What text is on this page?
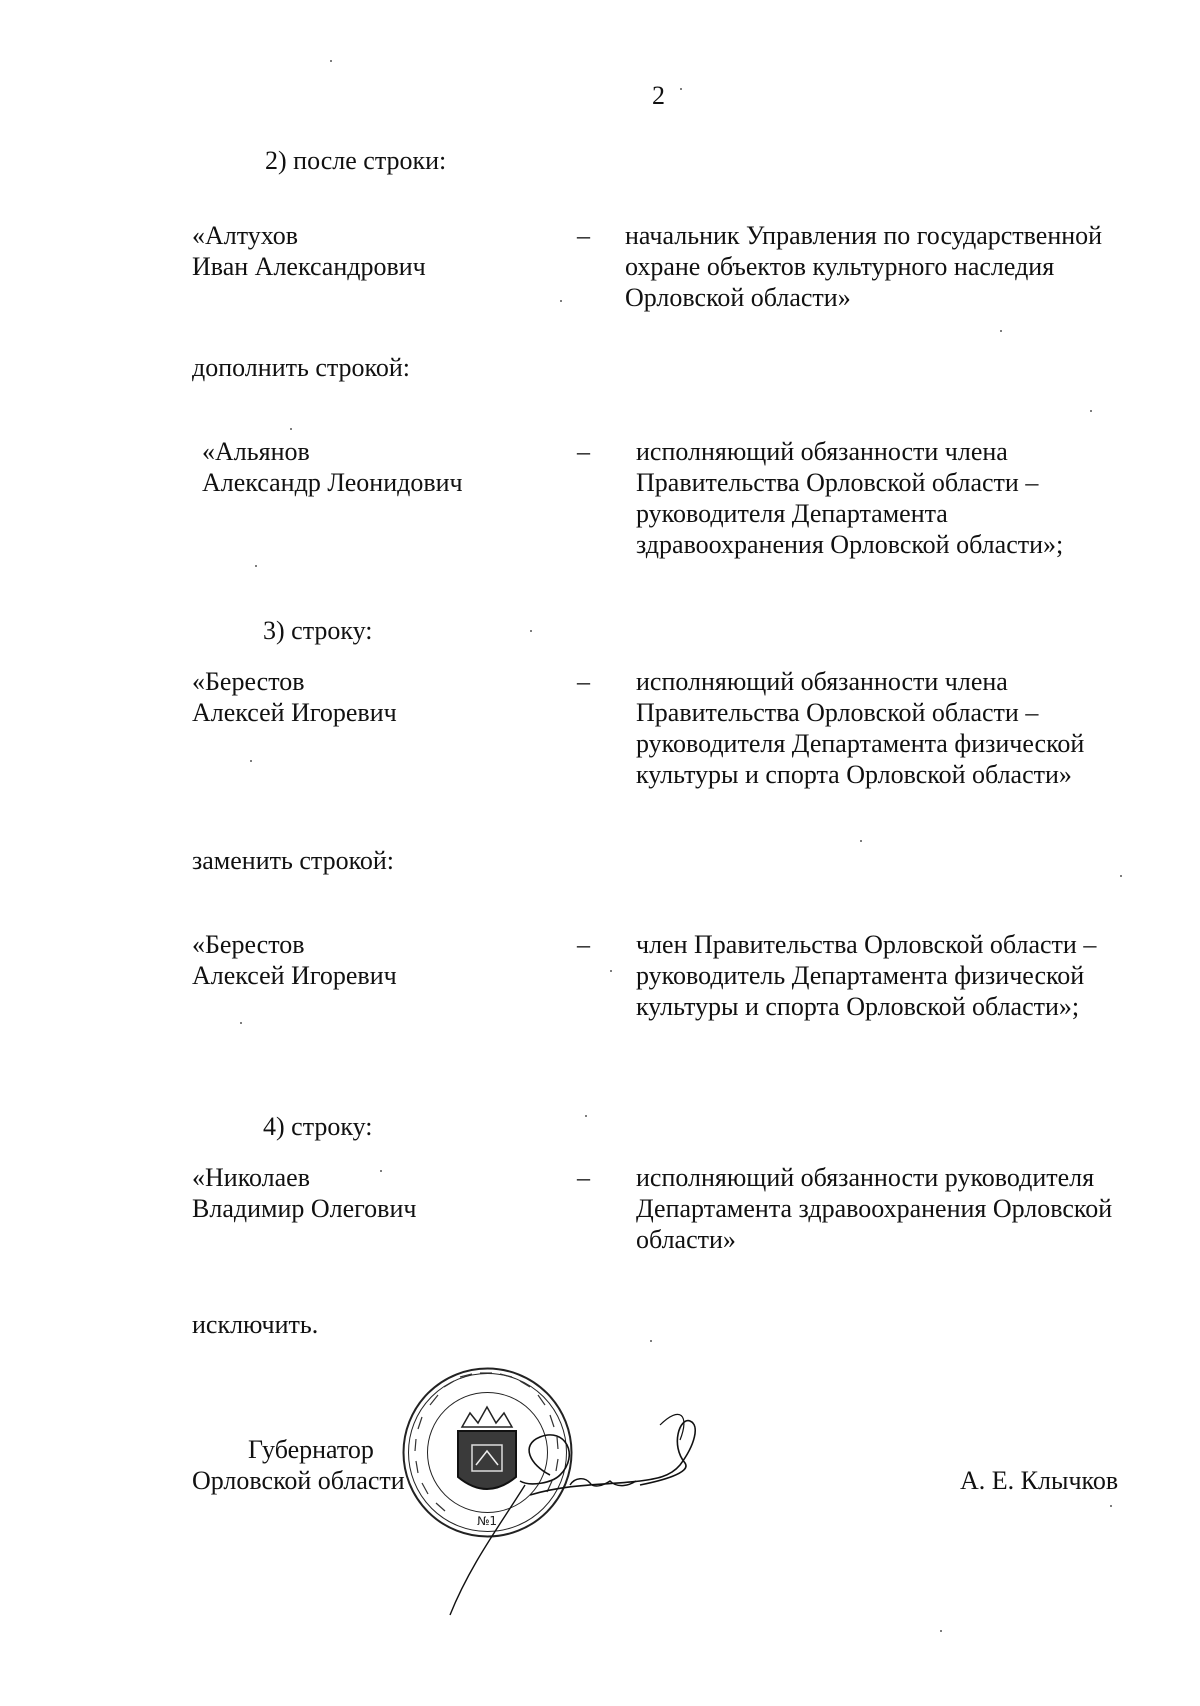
2
2) после строки:
«Алтухов
Иван Александрович
– начальник Управления по государственной
охране объектов культурного наследия
Орловской области»
дополнить строкой:
«Альянов
Александр Леонидович
– исполняющий обязанности члена
Правительства Орловской области –
руководителя Департамента
здравоохранения Орловской области»;
3) строку:
«Берестов
Алексей Игоревич
– исполняющий обязанности члена
Правительства Орловской области –
руководителя Департамента физической
культуры и спорта Орловской области»
заменить строкой:
«Берестов
Алексей Игоревич
– член Правительства Орловской области –
руководитель Департамента физической
культуры и спорта Орловской области»;
4) строку:
«Николаев
Владимир Олегович
– исполняющий обязанности руководителя
Департамента здравоохранения Орловской
области»
исключить.
Губернатор
Орловской области	А. Е. Клычков
№1
